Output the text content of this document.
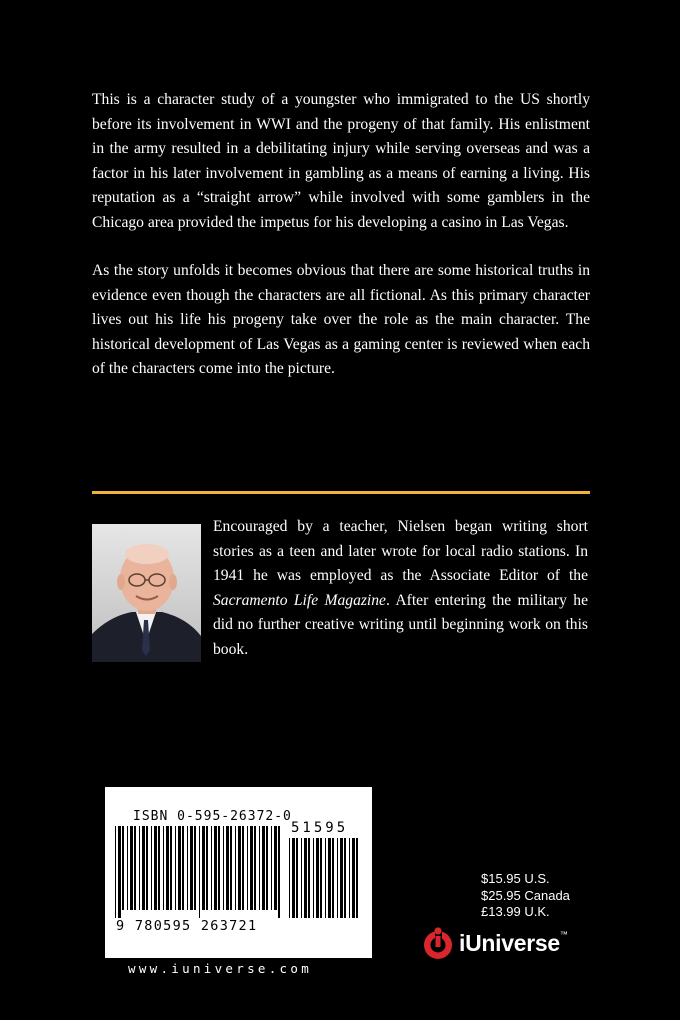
This is a character study of a youngster who immigrated to the US shortly before its involvement in WWI and the progeny of that family. His enlistment in the army resulted in a debilitating injury while serving overseas and was a factor in his later involvement in gambling as a means of earning a living. His reputation as a “straight arrow” while involved with some gamblers in the Chicago area provided the impetus for his developing a casino in Las Vegas.

As the story unfolds it becomes obvious that there are some historical truths in evidence even though the characters are all fictional. As this primary character lives out his life his progeny take over the role as the main character. The historical development of Las Vegas as a gaming center is reviewed when each of the characters come into the picture.

Encouraged by a teacher, Nielsen began writing short stories as a teen and later wrote for local radio stations. In 1941 he was employed as the Associate Editor of the Sacramento Life Magazine. After entering the military he did no further creative writing until beginning work on this book.

ISBN 0-595-26372-0
51595
9 780595 263721
$15.95 U.S.
$25.95 Canada
£13.99 U.K.
iUniverse™
www.iuniverse.com
